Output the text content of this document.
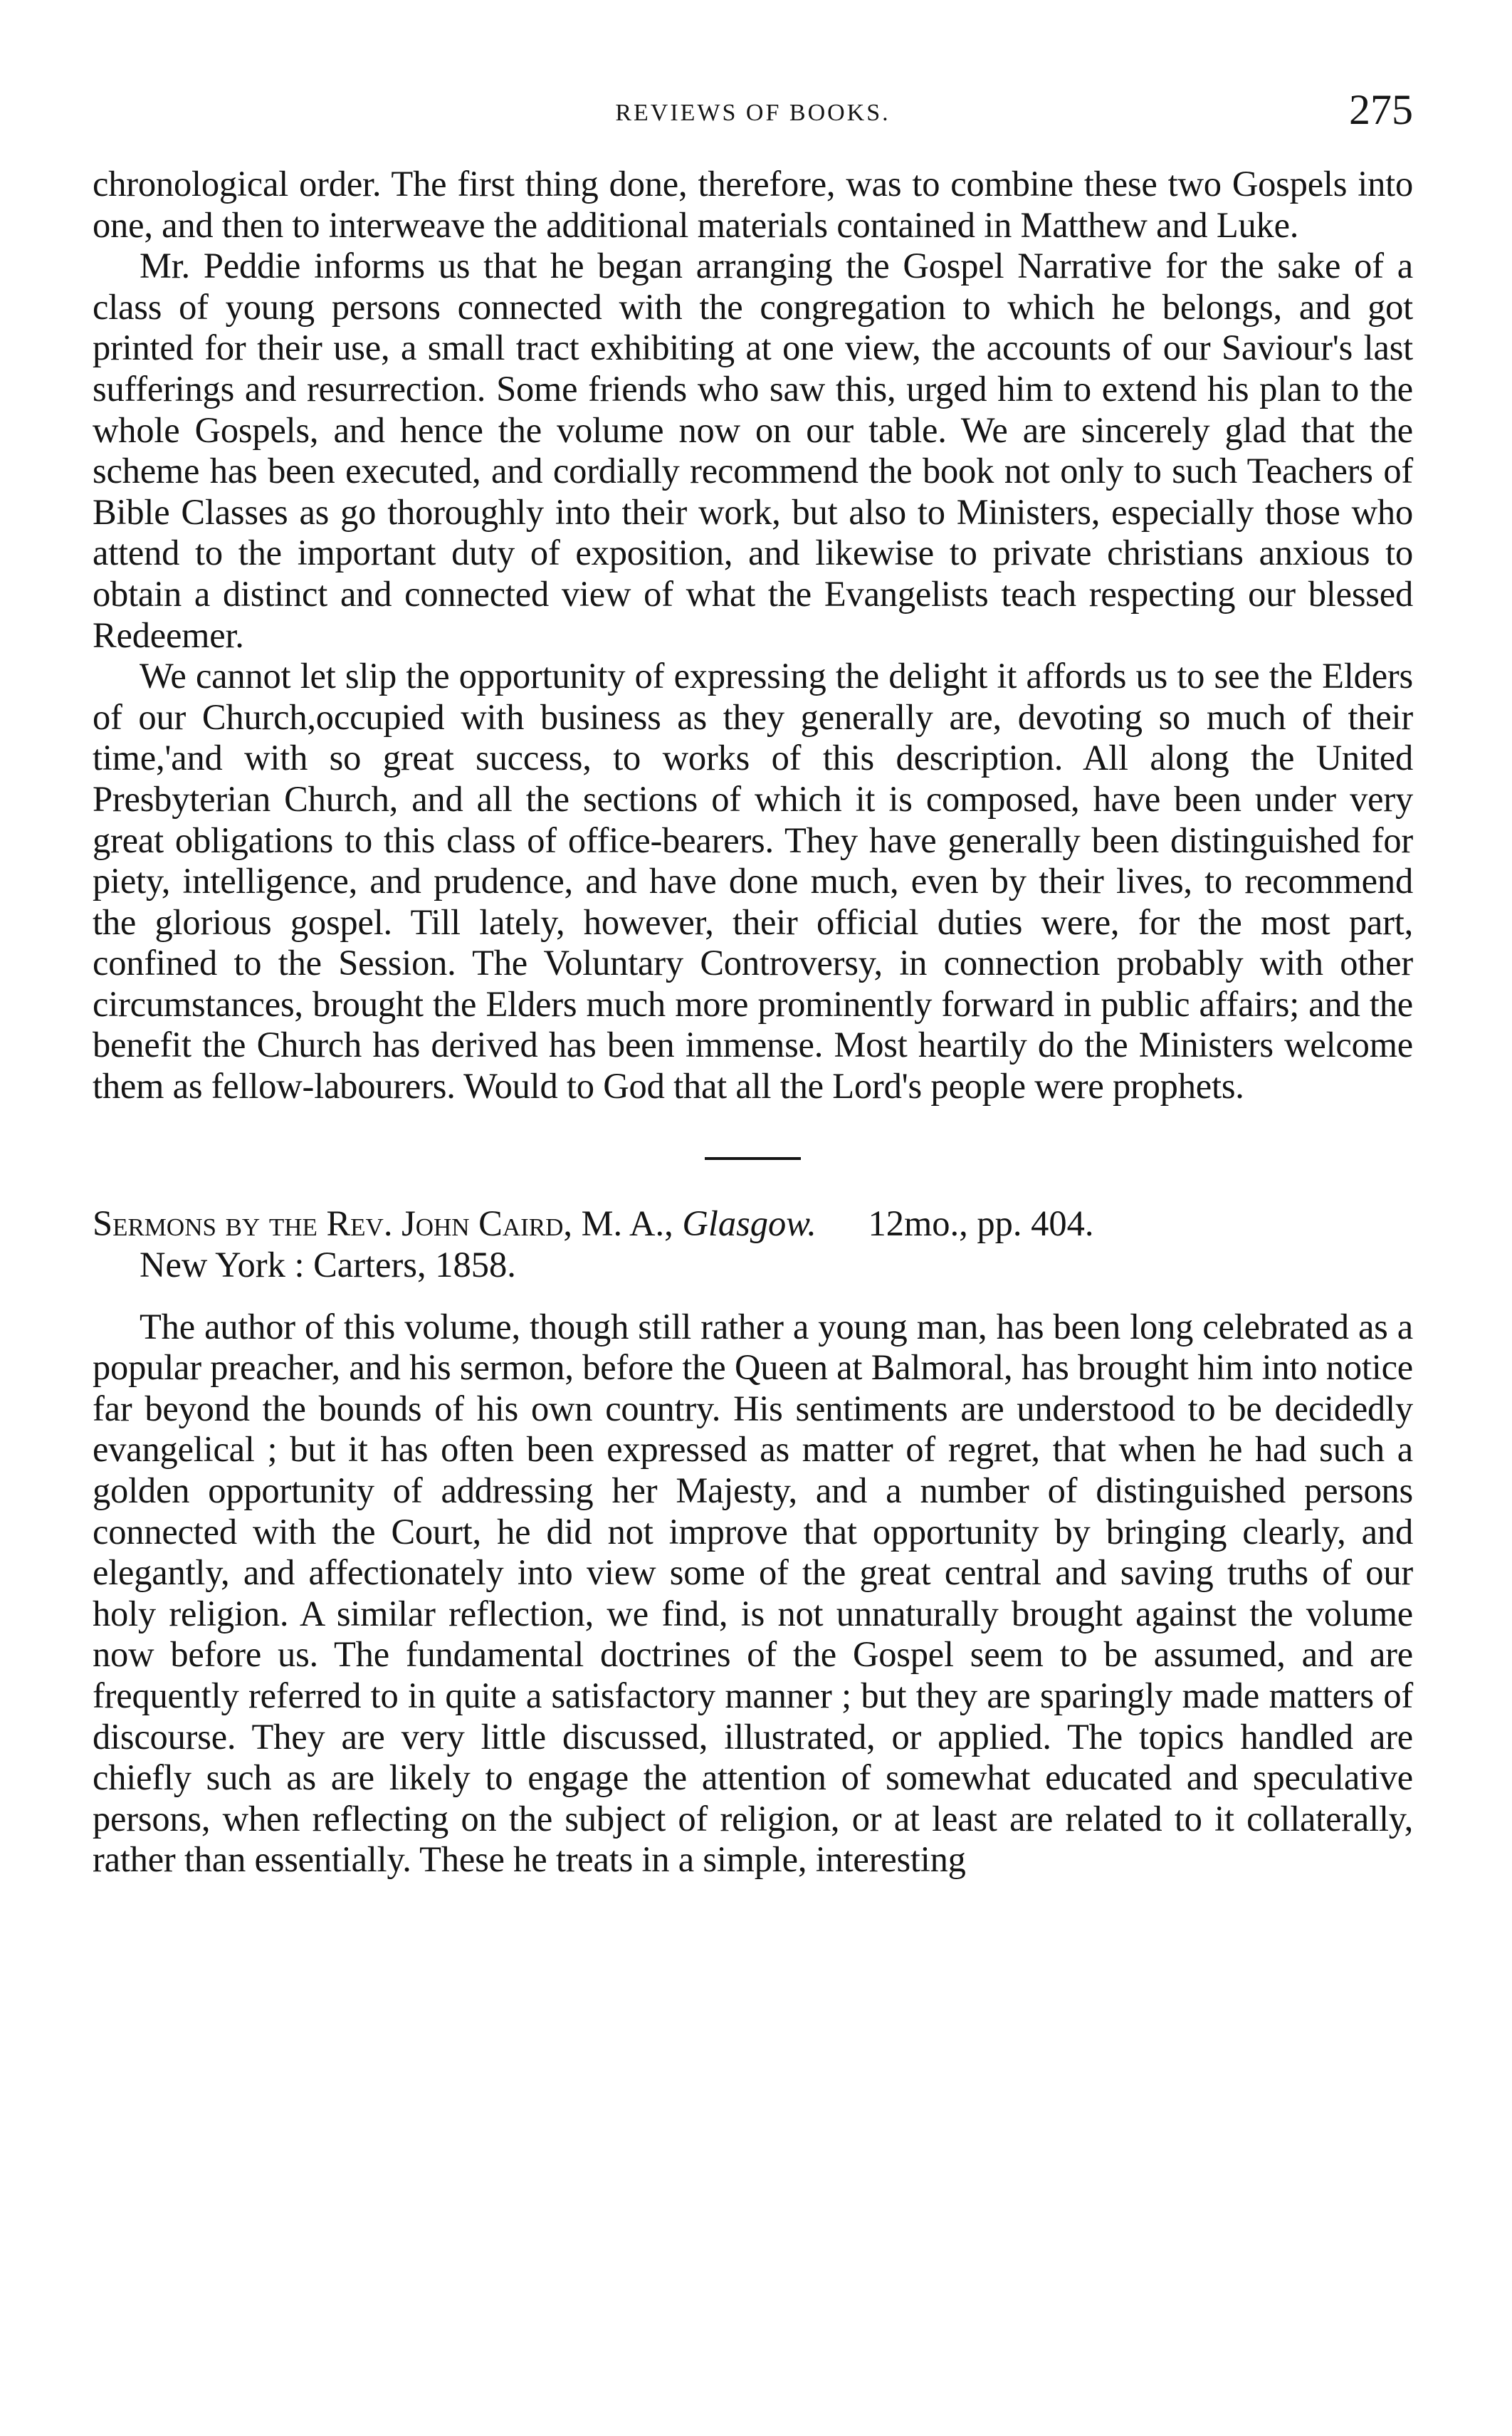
REVIEWS OF BOOKS.	275

chronological order. The first thing done, therefore, was to combine these two Gospels into one, and then to interweave the additional materials contained in Matthew and Luke.

Mr. Peddie informs us that he began arranging the Gospel Narrative for the sake of a class of young persons connected with the congregation to which he belongs, and got printed for their use, a small tract exhibiting at one view, the accounts of our Saviour's last sufferings and resurrection. Some friends who saw this, urged him to extend his plan to the whole Gospels, and hence the volume now on our table. We are sincerely glad that the scheme has been executed, and cordially recommend the book not only to such Teachers of Bible Classes as go thoroughly into their work, but also to Ministers, especially those who attend to the important duty of exposition, and likewise to private christians anxious to obtain a distinct and connected view of what the Evangelists teach respecting our blessed Redeemer.

We cannot let slip the opportunity of expressing the delight it affords us to see the Elders of our Church,occupied with business as they generally are, devoting so much of their time,'and with so great success, to works of this description. All along the United Presbyterian Church, and all the sections of which it is composed, have been under very great obligations to this class of office-bearers. They have generally been distinguished for piety, intelligence, and prudence, and have done much, even by their lives, to recommend the glorious gospel. Till lately, however, their official duties were, for the most part, confined to the Session. The Voluntary Controversy, in connection probably with other circumstances, brought the Elders much more prominently forward in public affairs; and the benefit the Church has derived has been immense. Most heartily do the Ministers welcome them as fellow-labourers. Would to God that all the Lord's people were prophets.

Sermons by the Rev. John Caird, M. A., Glasgow. 12mo., pp. 404.
New York : Carters, 1858.

The author of this volume, though still rather a young man, has been long celebrated as a popular preacher, and his sermon, before the Queen at Balmoral, has brought him into notice far beyond the bounds of his own country. His sentiments are understood to be decidedly evangelical ; but it has often been expressed as matter of regret, that when he had such a golden opportunity of addressing her Majesty, and a number of distinguished persons connected with the Court, he did not improve that opportunity by bringing clearly, and elegantly, and affectionately into view some of the great central and saving truths of our holy religion. A similar reflection, we find, is not unnaturally brought against the volume now before us. The fundamental doctrines of the Gospel seem to be assumed, and are frequently referred to in quite a satisfactory manner ; but they are sparingly made matters of discourse. They are very little discussed, illustrated, or applied. The topics handled are chiefly such as are likely to engage the attention of somewhat educated and speculative persons, when reflecting on the subject of religion, or at least are related to it collaterally, rather than essentially. These he treats in a simple, interesting
